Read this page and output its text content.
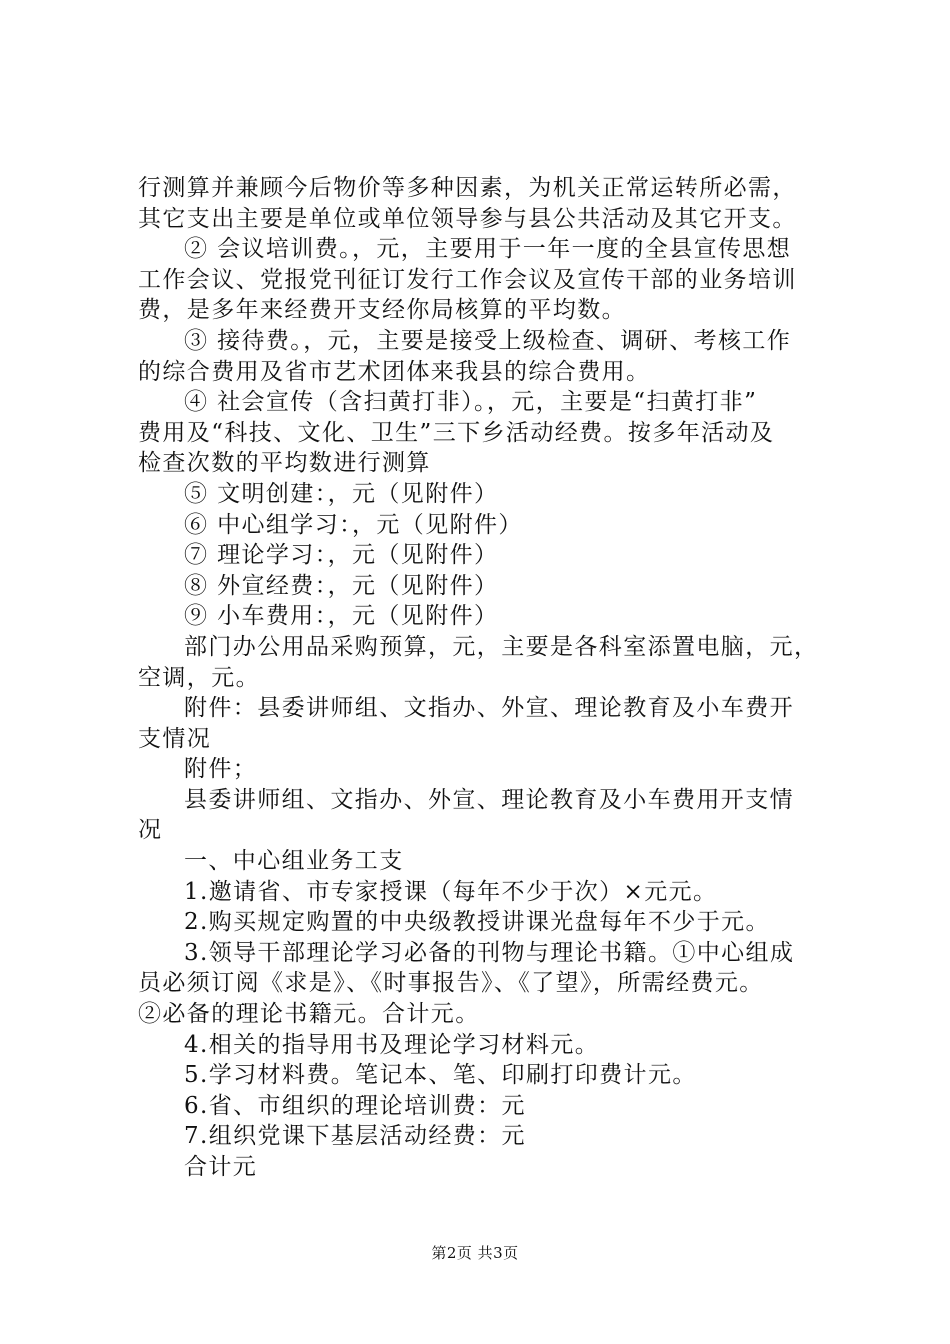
行测算并兼顾今后物价等多种因素，为机关正常运转所必需，
其它支出主要是单位或单位领导参与县公共活动及其它开支。
② 会议培训费。，元，主要用于一年一度的全县宣传思想
工作会议、党报党刊征订发行工作会议及宣传干部的业务培训
费，是多年来经费开支经你局核算的平均数。
③ 接待费。，元，主要是接受上级检查、调研、考核工作
的综合费用及省市艺术团体来我县的综合费用。
④ 社会宣传（含扫黄打非）。，元，主要是“扫黄打非”
费用及“科技、文化、卫生”三下乡活动经费。按多年活动及
检查次数的平均数进行测算
⑤ 文明创建：，元（见附件）
⑥ 中心组学习：，元（见附件）
⑦ 理论学习：，元（见附件）
⑧ 外宣经费：，元（见附件）
⑨ 小车费用：，元（见附件）
部门办公用品采购预算，元，主要是各科室添置电脑，元，
空调，元。
附件：县委讲师组、文指办、外宣、理论教育及小车费开
支情况
附件；
县委讲师组、文指办、外宣、理论教育及小车费用开支情
况
一、中心组业务工支
1.邀请省、市专家授课（每年不少于次）×元元。
2.购买规定购置的中央级教授讲课光盘每年不少于元。
3.领导干部理论学习必备的刊物与理论书籍。①中心组成
员必须订阅《求是》、《时事报告》、《了望》，所需经费元。
②必备的理论书籍元。合计元。
4.相关的指导用书及理论学习材料元。
5.学习材料费。笔记本、笔、印刷打印费计元。
6.省、市组织的理论培训费：元
7.组织党课下基层活动经费：元
合计元
第2页 共3页
